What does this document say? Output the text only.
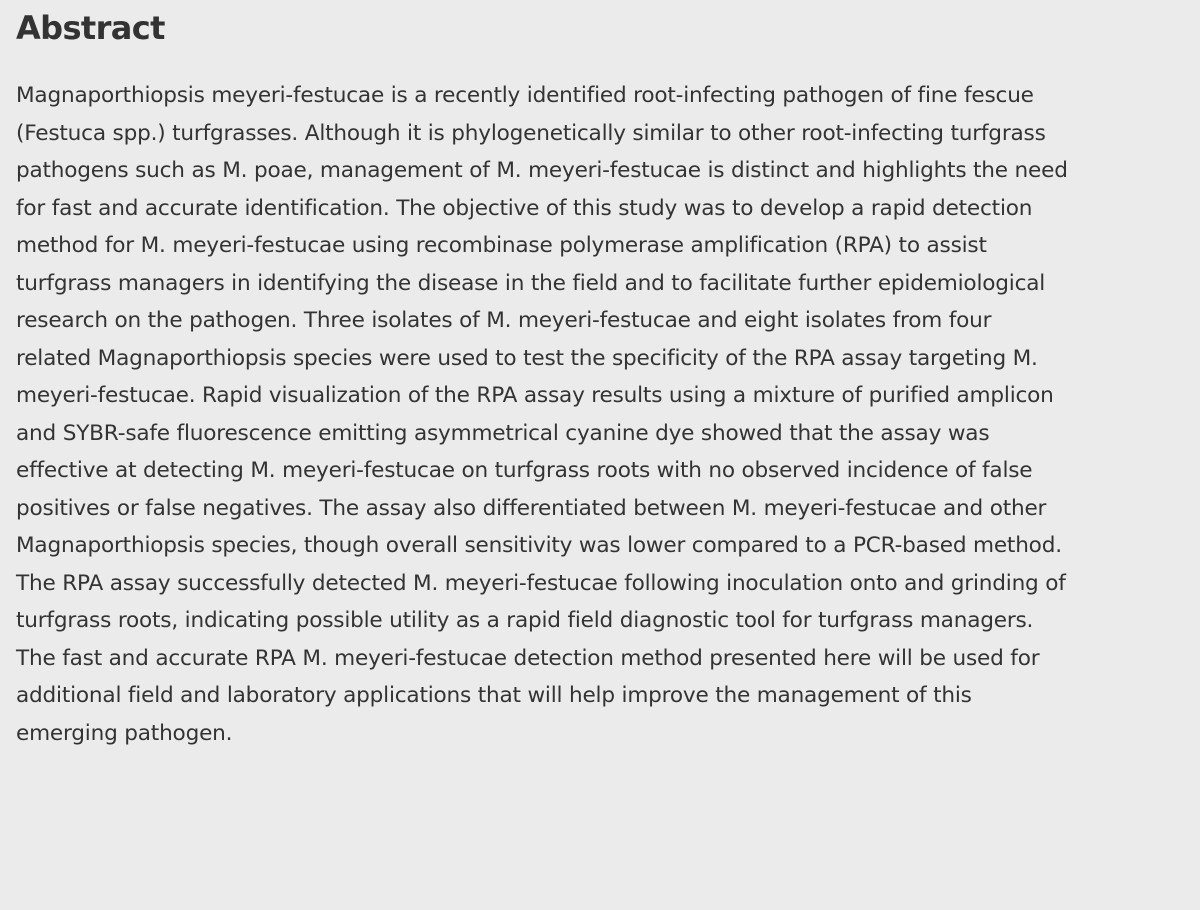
Abstract

Magnaporthiopsis meyeri-festucae is a recently identified root-infecting pathogen of fine fescue
(Festuca spp.) turfgrasses. Although it is phylogenetically similar to other root-infecting turfgrass
pathogens such as M. poae, management of M. meyeri-festucae is distinct and highlights the need
for fast and accurate identification. The objective of this study was to develop a rapid detection
method for M. meyeri-festucae using recombinase polymerase amplification (RPA) to assist
turfgrass managers in identifying the disease in the field and to facilitate further epidemiological
research on the pathogen. Three isolates of M. meyeri-festucae and eight isolates from four
related Magnaporthiopsis species were used to test the specificity of the RPA assay targeting M.
meyeri-festucae. Rapid visualization of the RPA assay results using a mixture of purified amplicon
and SYBR-safe fluorescence emitting asymmetrical cyanine dye showed that the assay was
effective at detecting M. meyeri-festucae on turfgrass roots with no observed incidence of false
positives or false negatives. The assay also differentiated between M. meyeri-festucae and other
Magnaporthiopsis species, though overall sensitivity was lower compared to a PCR-based method.
The RPA assay successfully detected M. meyeri-festucae following inoculation onto and grinding of
turfgrass roots, indicating possible utility as a rapid field diagnostic tool for turfgrass managers.
The fast and accurate RPA M. meyeri-festucae detection method presented here will be used for
additional field and laboratory applications that will help improve the management of this
emerging pathogen.
